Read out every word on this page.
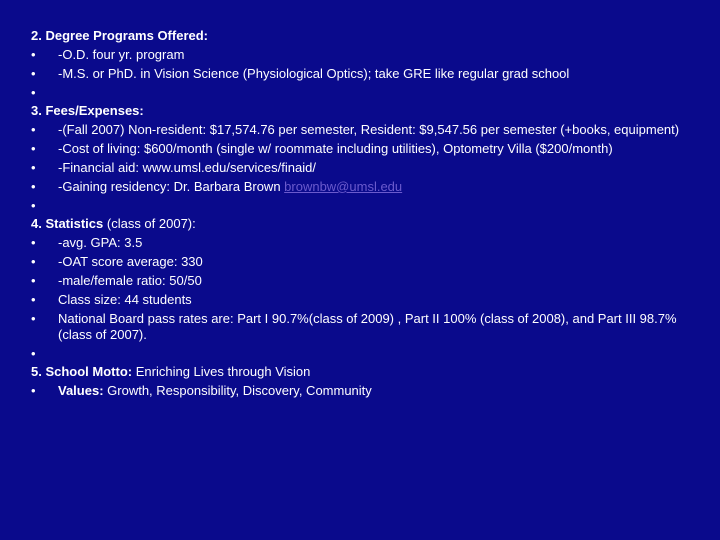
2. Degree Programs Offered:
•	-O.D. four yr. program
•	-M.S. or PhD. in Vision Science (Physiological Optics); take GRE like regular grad school
•
3. Fees/Expenses:
•	-(Fall 2007) Non-resident: $17,574.76 per semester, Resident: $9,547.56 per semester (+books, equipment)
•	-Cost of living: $600/month (single w/ roommate including utilities), Optometry Villa ($200/month)
•	-Financial aid: www.umsl.edu/services/finaid/
•	-Gaining residency: Dr. Barbara Brown brownbw@umsl.edu
•
4. Statistics (class of 2007):
•	-avg. GPA: 3.5
•	-OAT score average: 330
•	-male/female ratio: 50/50
•	Class size: 44 students
•	National Board pass rates are: Part I 90.7%(class of 2009) , Part II 100% (class of 2008), and Part III 98.7% (class of 2007).
•
5. School Motto: Enriching Lives through Vision
•	Values: Growth, Responsibility, Discovery, Community
